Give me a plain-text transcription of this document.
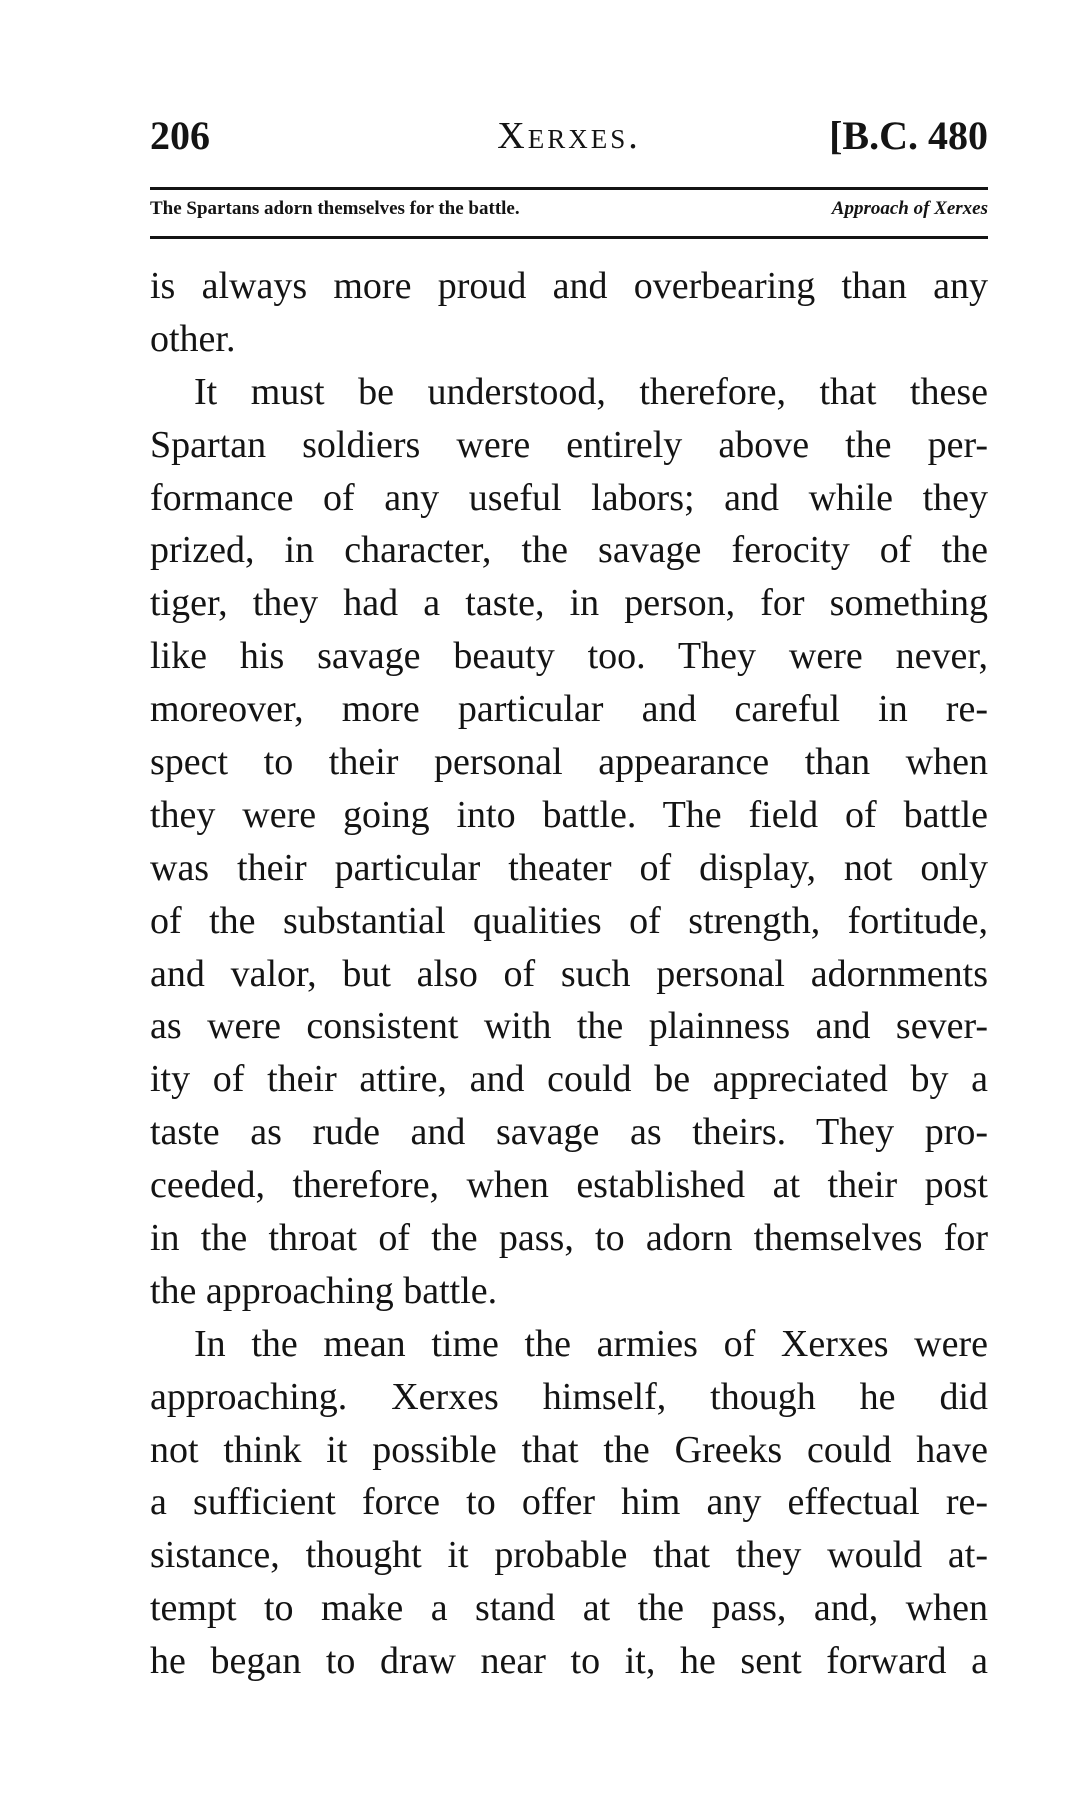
206	Xerxes.	[B.C. 480
The Spartans adorn themselves for the battle.	Approach of Xerxes
is always more proud and overbearing than any
other.
It must be understood, therefore, that these
Spartan soldiers were entirely above the per-
formance of any useful labors; and while they
prized, in character, the savage ferocity of the
tiger, they had a taste, in person, for something
like his savage beauty too. They were never,
moreover, more particular and careful in re-
spect to their personal appearance than when
they were going into battle. The field of battle
was their particular theater of display, not only
of the substantial qualities of strength, fortitude,
and valor, but also of such personal adornments
as were consistent with the plainness and sever-
ity of their attire, and could be appreciated by a
taste as rude and savage as theirs. They pro-
ceeded, therefore, when established at their post
in the throat of the pass, to adorn themselves for
the approaching battle.
In the mean time the armies of Xerxes were
approaching. Xerxes himself, though he did
not think it possible that the Greeks could have
a sufficient force to offer him any effectual re-
sistance, thought it probable that they would at-
tempt to make a stand at the pass, and, when
he began to draw near to it, he sent forward a
